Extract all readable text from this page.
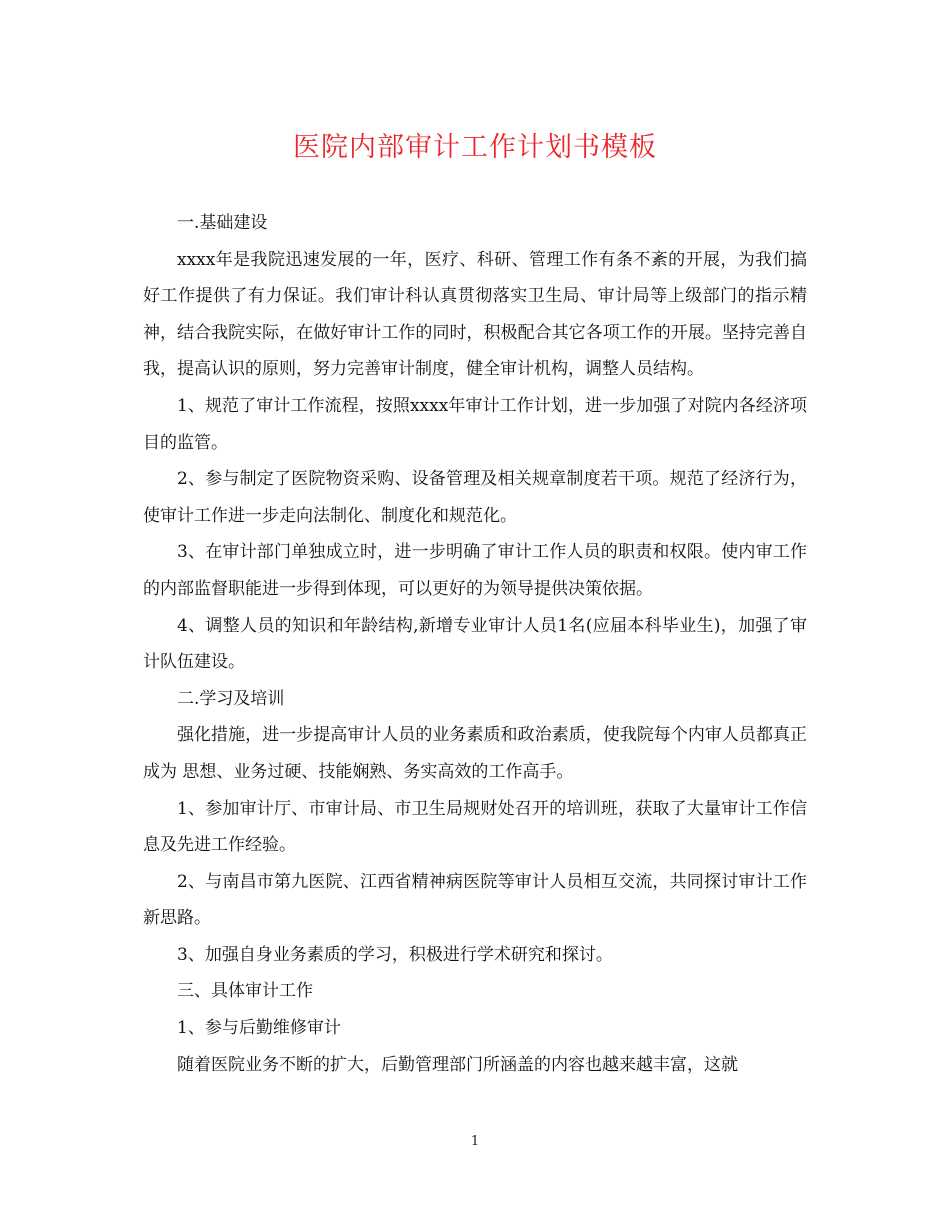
医院内部审计工作计划书模板

一.基础建设

xxxx年是我院迅速发展的一年，医疗、科研、管理工作有条不紊的开展，为我们搞好工作提供了有力保证。我们审计科认真贯彻落实卫生局、审计局等上级部门的指示精神，结合我院实际，在做好审计工作的同时，积极配合其它各项工作的开展。坚持完善自我，提高认识的原则，努力完善审计制度，健全审计机构，调整人员结构。

1、规范了审计工作流程，按照xxxx年审计工作计划，进一步加强了对院内各经济项目的监管。

2、参与制定了医院物资采购、设备管理及相关规章制度若干项。规范了经济行为，使审计工作进一步走向法制化、制度化和规范化。

3、在审计部门单独成立时，进一步明确了审计工作人员的职责和权限。使内审工作的内部监督职能进一步得到体现，可以更好的为领导提供决策依据。

4、调整人员的知识和年龄结构,新增专业审计人员1名(应届本科毕业生)，加强了审计队伍建设。

二.学习及培训

强化措施，进一步提高审计人员的业务素质和政治素质，使我院每个内审人员都真正成为 思想、业务过硬、技能娴熟、务实高效的工作高手。

1、参加审计厅、市审计局、市卫生局规财处召开的培训班，获取了大量审计工作信息及先进工作经验。

2、与南昌市第九医院、江西省精神病医院等审计人员相互交流，共同探讨审计工作新思路。

3、加强自身业务素质的学习，积极进行学术研究和探讨。

三、具体审计工作

1、参与后勤维修审计

随着医院业务不断的扩大，后勤管理部门所涵盖的内容也越来越丰富，这就

1
